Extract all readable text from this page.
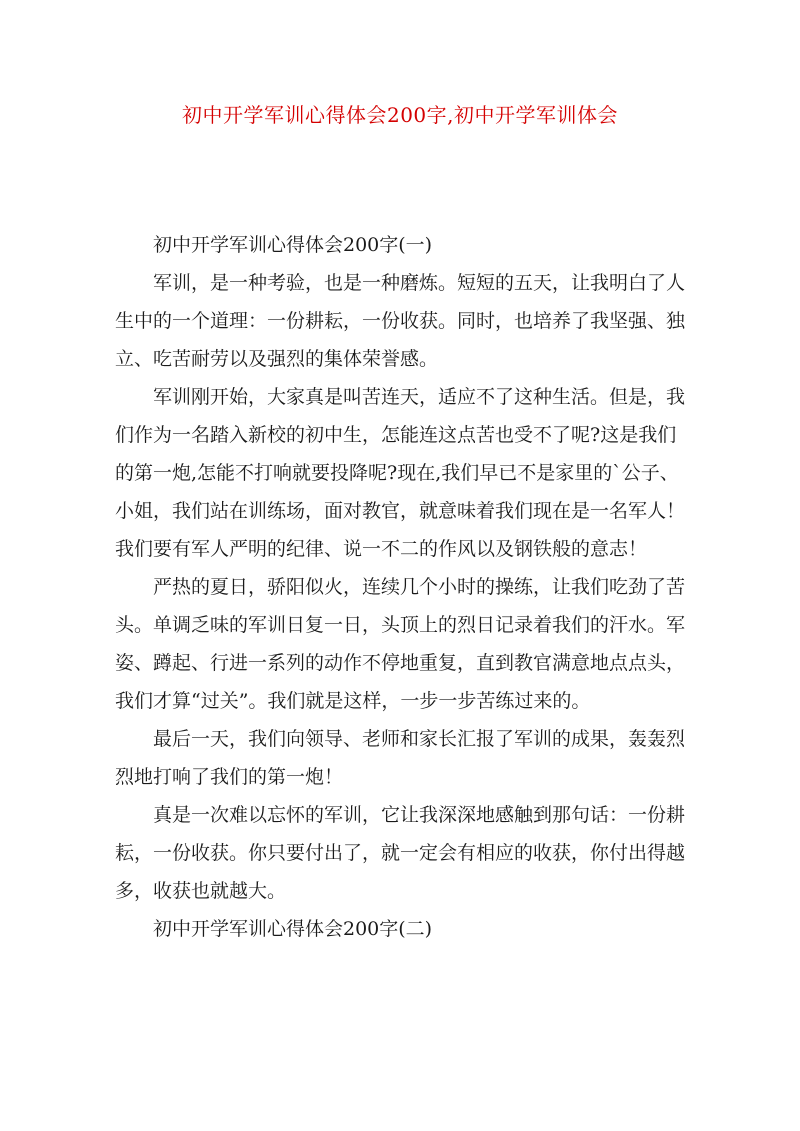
初中开学军训心得体会200字,初中开学军训体会

初中开学军训心得体会200字(一)

军训，是一种考验，也是一种磨炼。短短的五天，让我明白了人生中的一个道理：一份耕耘，一份收获。同时，也培养了我坚强、独立、吃苦耐劳以及强烈的集体荣誉感。

军训刚开始，大家真是叫苦连天，适应不了这种生活。但是，我们作为一名踏入新校的初中生，怎能连这点苦也受不了呢?这是我们的第一炮,怎能不打响就要投降呢?现在,我们早已不是家里的`公子、小姐，我们站在训练场，面对教官，就意味着我们现在是一名军人！我们要有军人严明的纪律、说一不二的作风以及钢铁般的意志！

严热的夏日，骄阳似火，连续几个小时的操练，让我们吃劲了苦头。单调乏味的军训日复一日，头顶上的烈日记录着我们的汗水。军姿、蹲起、行进一系列的动作不停地重复，直到教官满意地点点头，我们才算“过关”。我们就是这样，一步一步苦练过来的。

最后一天，我们向领导、老师和家长汇报了军训的成果，轰轰烈烈地打响了我们的第一炮！

真是一次难以忘怀的军训，它让我深深地感触到那句话：一份耕耘，一份收获。你只要付出了，就一定会有相应的收获，你付出得越多，收获也就越大。

初中开学军训心得体会200字(二)
